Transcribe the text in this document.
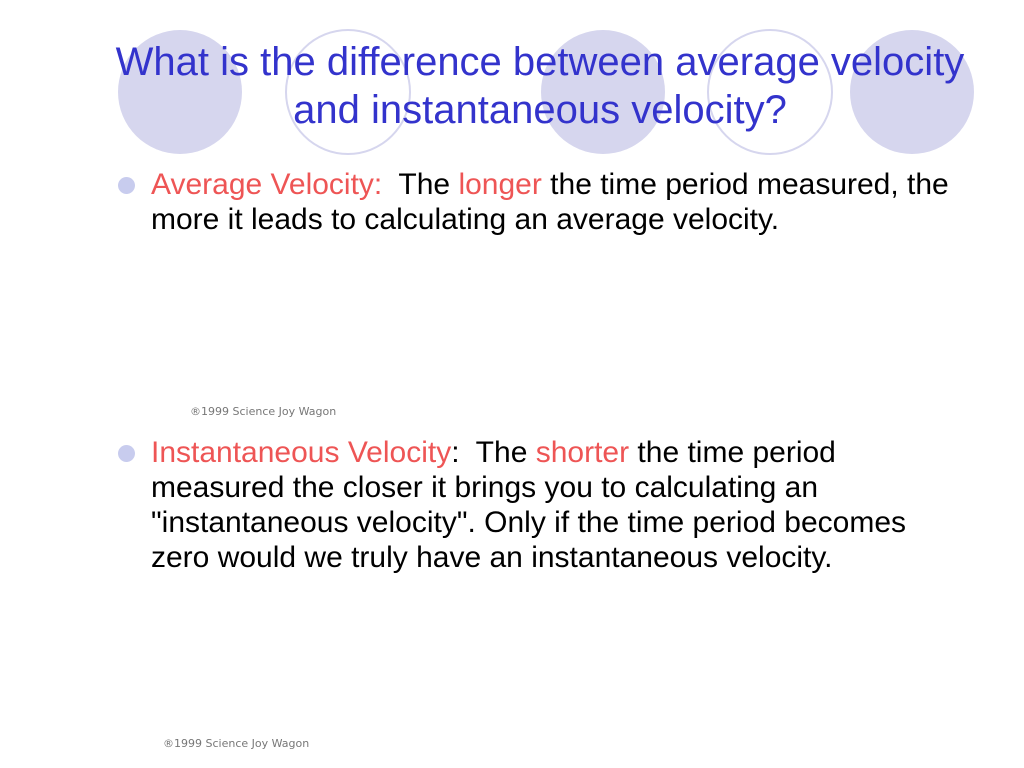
What is the difference between average velocity and instantaneous velocity?
Average Velocity:  The longer the time period measured, the more it leads to calculating an average velocity.
®1999 Science Joy Wagon
Instantaneous Velocity:  The shorter the time period measured the closer it brings you to calculating an "instantaneous velocity". Only if the time period becomes zero would we truly have an instantaneous velocity.
®1999 Science Joy Wagon
